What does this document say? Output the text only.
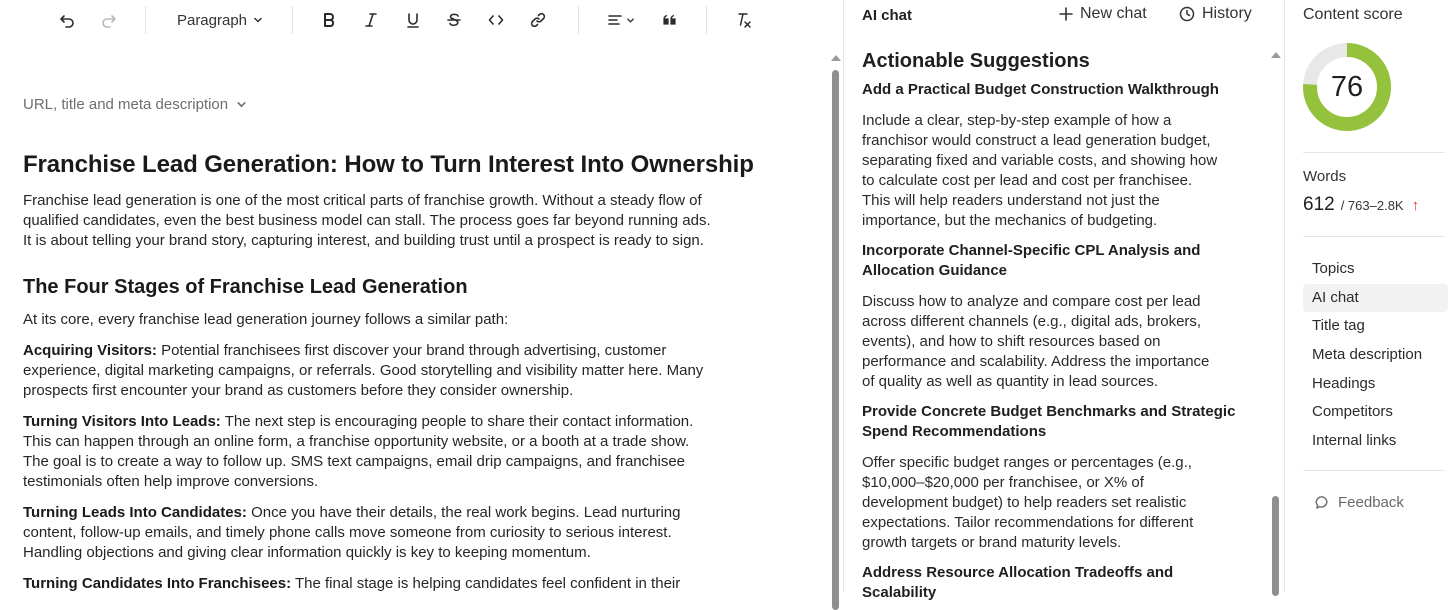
Paragraph
URL, title and meta description
Franchise Lead Generation: How to Turn Interest Into Ownership

Franchise lead generation is one of the most critical parts of franchise growth. Without a steady flow of
qualified candidates, even the best business model can stall. The process goes far beyond running ads.
It is about telling your brand story, capturing interest, and building trust until a prospect is ready to sign.

The Four Stages of Franchise Lead Generation

At its core, every franchise lead generation journey follows a similar path:

Acquiring Visitors: Potential franchisees first discover your brand through advertising, customer
experience, digital marketing campaigns, or referrals. Good storytelling and visibility matter here. Many
prospects first encounter your brand as customers before they consider ownership.

Turning Visitors Into Leads: The next step is encouraging people to share their contact information.
This can happen through an online form, a franchise opportunity website, or a booth at a trade show.
The goal is to create a way to follow up. SMS text campaigns, email drip campaigns, and franchisee
testimonials often help improve conversions.

Turning Leads Into Candidates: Once you have their details, the real work begins. Lead nurturing
content, follow-up emails, and timely phone calls move someone from curiosity to serious interest.
Handling objections and giving clear information quickly is key to keeping momentum.

Turning Candidates Into Franchisees: The final stage is helping candidates feel confident in their

AI chat	New chat	History
Actionable Suggestions
Add a Practical Budget Construction Walkthrough

Include a clear, step-by-step example of how a
franchisor would construct a lead generation budget,
separating fixed and variable costs, and showing how
to calculate cost per lead and cost per franchisee.
This will help readers understand not just the
importance, but the mechanics of budgeting.

Incorporate Channel-Specific CPL Analysis and
Allocation Guidance

Discuss how to analyze and compare cost per lead
across different channels (e.g., digital ads, brokers,
events), and how to shift resources based on
performance and scalability. Address the importance
of quality as well as quantity in lead sources.

Provide Concrete Budget Benchmarks and Strategic
Spend Recommendations

Offer specific budget ranges or percentages (e.g.,
$10,000–$20,000 per franchisee, or X% of
development budget) to help readers set realistic
expectations. Tailor recommendations for different
growth targets or brand maturity levels.

Address Resource Allocation Tradeoffs and
Scalability
Content score
76
Words
612 / 763–2.8K ↑
Topics
AI chat
Title tag
Meta description
Headings
Competitors
Internal links
Feedback
